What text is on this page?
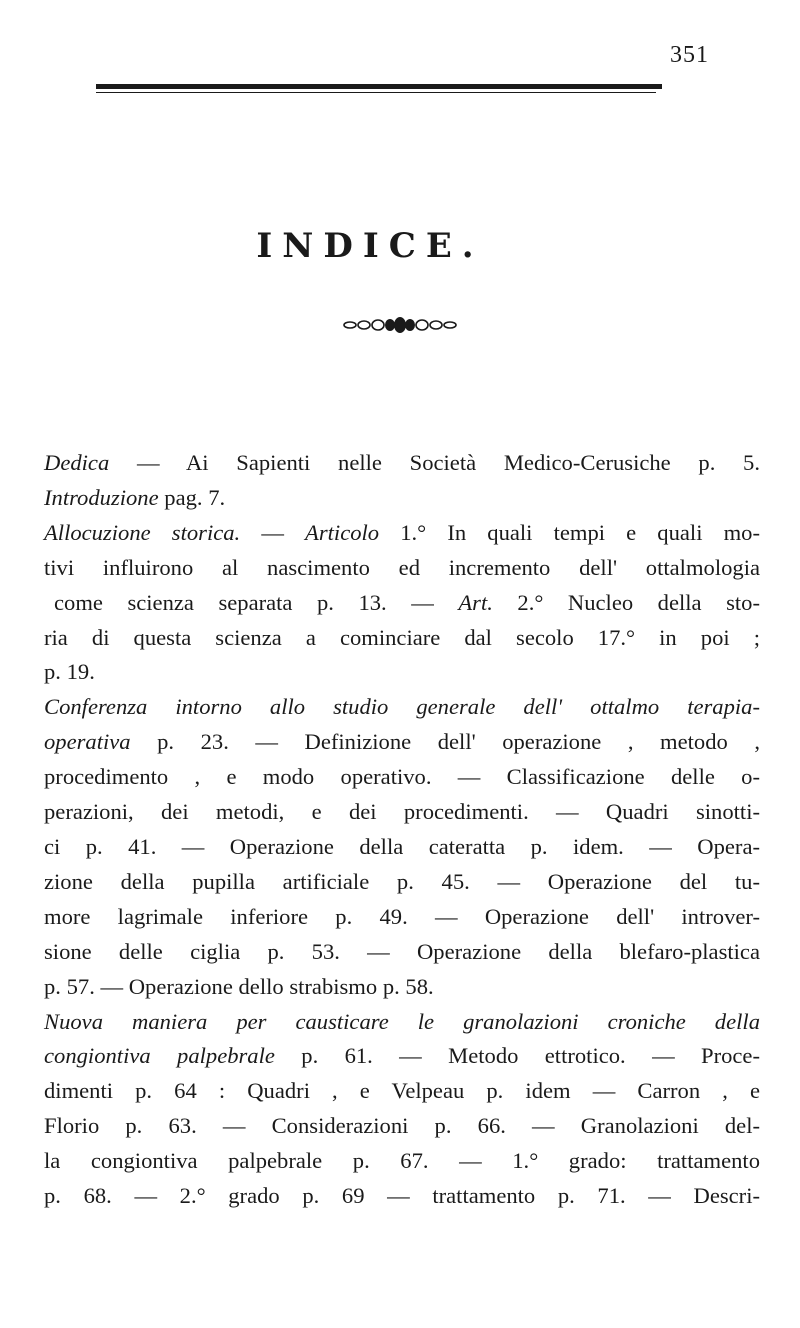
351
INDICE.
Dedica — Ai Sapienti nelle Società Medico-Cerusiche p. 5.
Introduzione pag. 7.
Allocuzione storica. — Articolo 1.° In quali tempi e quali mo-
tivi influirono al nascimento ed incremento dell' ottalmologia
come scienza separata p. 13. — Art. 2.° Nucleo della sto-
ria di questa scienza a cominciare dal secolo 17.° in poi ;
p. 19.
Conferenza intorno allo studio generale dell' ottalmo terapia-
operativa p. 23. — Definizione dell' operazione , metodo ,
procedimento , e modo operativo. — Classificazione delle o-
perazioni, dei metodi, e dei procedimenti. — Quadri sinotti-
ci p. 41. — Operazione della cateratta p. idem. — Opera-
zione della pupilla artificiale p. 45. — Operazione del tu-
more lagrimale inferiore p. 49. — Operazione dell' introver-
sione delle ciglia p. 53. — Operazione della blefaro-plastica
p. 57. — Operazione dello strabismo p. 58.
Nuova maniera per causticare le granolazioni croniche della
congiontiva palpebrale p. 61. — Metodo ettrotico. — Proce-
dimenti p. 64 : Quadri , e Velpeau p. idem — Carron , e
Florio p. 63. — Considerazioni p. 66. — Granolazioni del-
la congiontiva palpebrale p. 67. — 1.° grado: trattamento
p. 68. — 2.° grado p. 69 — trattamento p. 71. — Descri-
